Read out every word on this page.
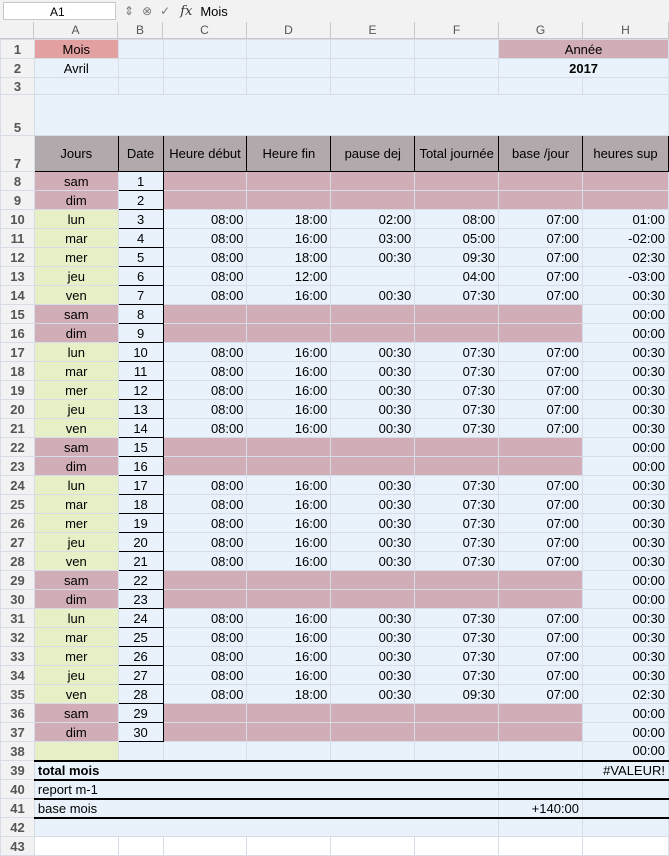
A1	⇕ ⊗ ✓ fx Mois
A	B	C	D	E	F	G	H
1	Mois						Année	
2	Avril						2017	
3								
5								
7	Jours	Date	Heure début	Heure fin	pause dej	Total journée	base /jour	heures sup
8	sam	1						
9	dim	2						
10	lun	3	08:00	18:00	02:00	08:00	07:00	01:00
11	mar	4	08:00	16:00	03:00	05:00	07:00	-02:00
12	mer	5	08:00	18:00	00:30	09:30	07:00	02:30
13	jeu	6	08:00	12:00		04:00	07:00	-03:00
14	ven	7	08:00	16:00	00:30	07:30	07:00	00:30
15	sam	8						00:00
16	dim	9						00:00
17	lun	10	08:00	16:00	00:30	07:30	07:00	00:30
18	mar	11	08:00	16:00	00:30	07:30	07:00	00:30
19	mer	12	08:00	16:00	00:30	07:30	07:00	00:30
20	jeu	13	08:00	16:00	00:30	07:30	07:00	00:30
21	ven	14	08:00	16:00	00:30	07:30	07:00	00:30
22	sam	15						00:00
23	dim	16						00:00
24	lun	17	08:00	16:00	00:30	07:30	07:00	00:30
25	mar	18	08:00	16:00	00:30	07:30	07:00	00:30
26	mer	19	08:00	16:00	00:30	07:30	07:00	00:30
27	jeu	20	08:00	16:00	00:30	07:30	07:00	00:30
28	ven	21	08:00	16:00	00:30	07:30	07:00	00:30
29	sam	22						00:00
30	dim	23						00:00
31	lun	24	08:00	16:00	00:30	07:30	07:00	00:30
32	mar	25	08:00	16:00	00:30	07:30	07:00	00:30
33	mer	26	08:00	16:00	00:30	07:30	07:00	00:30
34	jeu	27	08:00	16:00	00:30	07:30	07:00	00:30
35	ven	28	08:00	18:00	00:30	09:30	07:00	02:30
36	sam	29						00:00
37	dim	30						00:00
38								00:00
39	total mois							#VALEUR!
40	report m-1							
41	base mois						+140:00	
42								
43								
